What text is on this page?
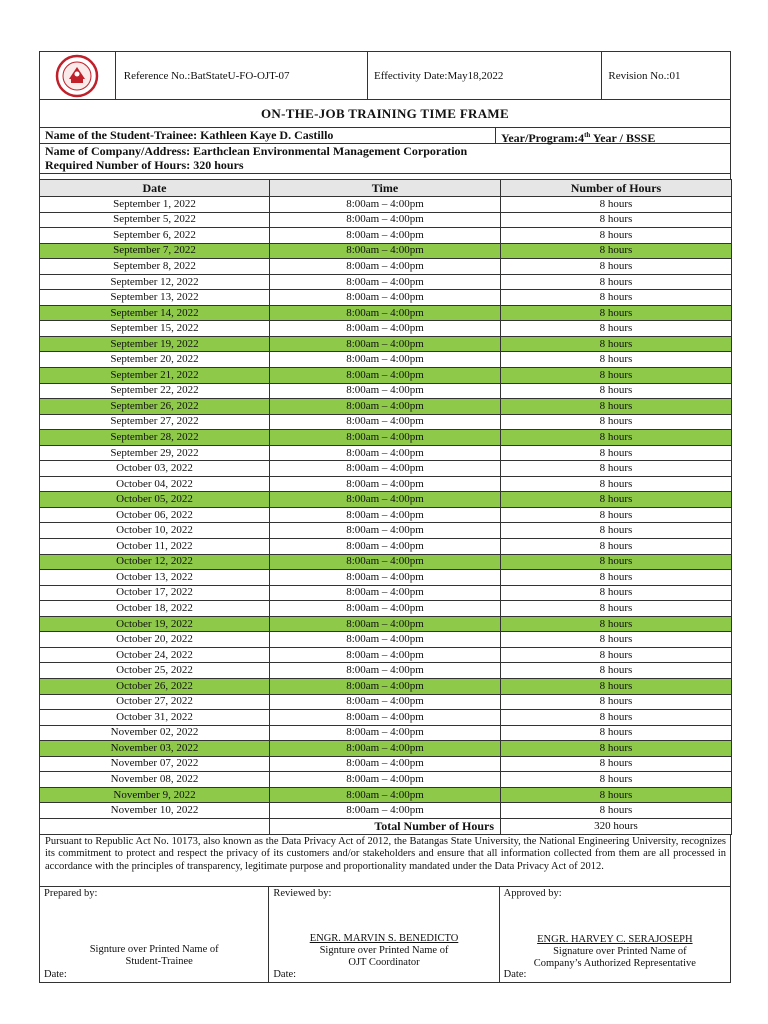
Reference No.:BatStateU-FO-OJT-07	Effectivity Date:May18,2022	Revision No.:01
ON-THE-JOB TRAINING TIME FRAME
Name of the Student-Trainee: Kathleen Kaye D. Castillo	Year/Program:4th Year / BSSE
Name of Company/Address: Earthclean Environmental Management Corporation
Required Number of Hours: 320 hours
Date	Time	Number of Hours
September 1, 2022	8:00am – 4:00pm	8 hours
September 5, 2022	8:00am – 4:00pm	8 hours
September 6, 2022	8:00am – 4:00pm	8 hours
September 7, 2022	8:00am – 4:00pm	8 hours
September 8, 2022	8:00am – 4:00pm	8 hours
September 12, 2022	8:00am – 4:00pm	8 hours
September 13, 2022	8:00am – 4:00pm	8 hours
September 14, 2022	8:00am – 4:00pm	8 hours
September 15, 2022	8:00am – 4:00pm	8 hours
September 19, 2022	8:00am – 4:00pm	8 hours
September 20, 2022	8:00am – 4:00pm	8 hours
September 21, 2022	8:00am – 4:00pm	8 hours
September 22, 2022	8:00am – 4:00pm	8 hours
September 26, 2022	8:00am – 4:00pm	8 hours
September 27, 2022	8:00am – 4:00pm	8 hours
September 28, 2022	8:00am – 4:00pm	8 hours
September 29, 2022	8:00am – 4:00pm	8 hours
October 03, 2022	8:00am – 4:00pm	8 hours
October 04, 2022	8:00am – 4:00pm	8 hours
October 05, 2022	8:00am – 4:00pm	8 hours
October 06, 2022	8:00am – 4:00pm	8 hours
October 10, 2022	8:00am – 4:00pm	8 hours
October 11, 2022	8:00am – 4:00pm	8 hours
October 12, 2022	8:00am – 4:00pm	8 hours
October 13, 2022	8:00am – 4:00pm	8 hours
October 17, 2022	8:00am – 4:00pm	8 hours
October 18, 2022	8:00am – 4:00pm	8 hours
October 19, 2022	8:00am – 4:00pm	8 hours
October 20, 2022	8:00am – 4:00pm	8 hours
October 24, 2022	8:00am – 4:00pm	8 hours
October 25, 2022	8:00am – 4:00pm	8 hours
October 26, 2022	8:00am – 4:00pm	8 hours
October 27, 2022	8:00am – 4:00pm	8 hours
October 31, 2022	8:00am – 4:00pm	8 hours
November 02, 2022	8:00am – 4:00pm	8 hours
November 03, 2022	8:00am – 4:00pm	8 hours
November 07, 2022	8:00am – 4:00pm	8 hours
November 08, 2022	8:00am – 4:00pm	8 hours
November 9, 2022	8:00am – 4:00pm	8 hours
November 10, 2022	8:00am – 4:00pm	8 hours
	Total Number of Hours	320 hours
Pursuant to Republic Act No. 10173, also known as the Data Privacy Act of 2012, the Batangas State University, the National Engineering University, recognizes its commitment to protect and respect the privacy of its customers and/or stakeholders and ensure that all information collected from them are all processed in accordance with the principles of transparency, legitimate purpose and proportionality mandated under the Data Privacy Act of 2012.
Prepared by:
Signture over Printed Name of
Student-Trainee
Date:
Reviewed by:
ENGR. MARVIN S. BENEDICTO
Signture over Printed Name of
OJT Coordinator
Date:
Approved by:
ENGR. HARVEY C. SERAJOSEPH
Signature over Printed Name of
Company’s Authorized Representative
Date:
